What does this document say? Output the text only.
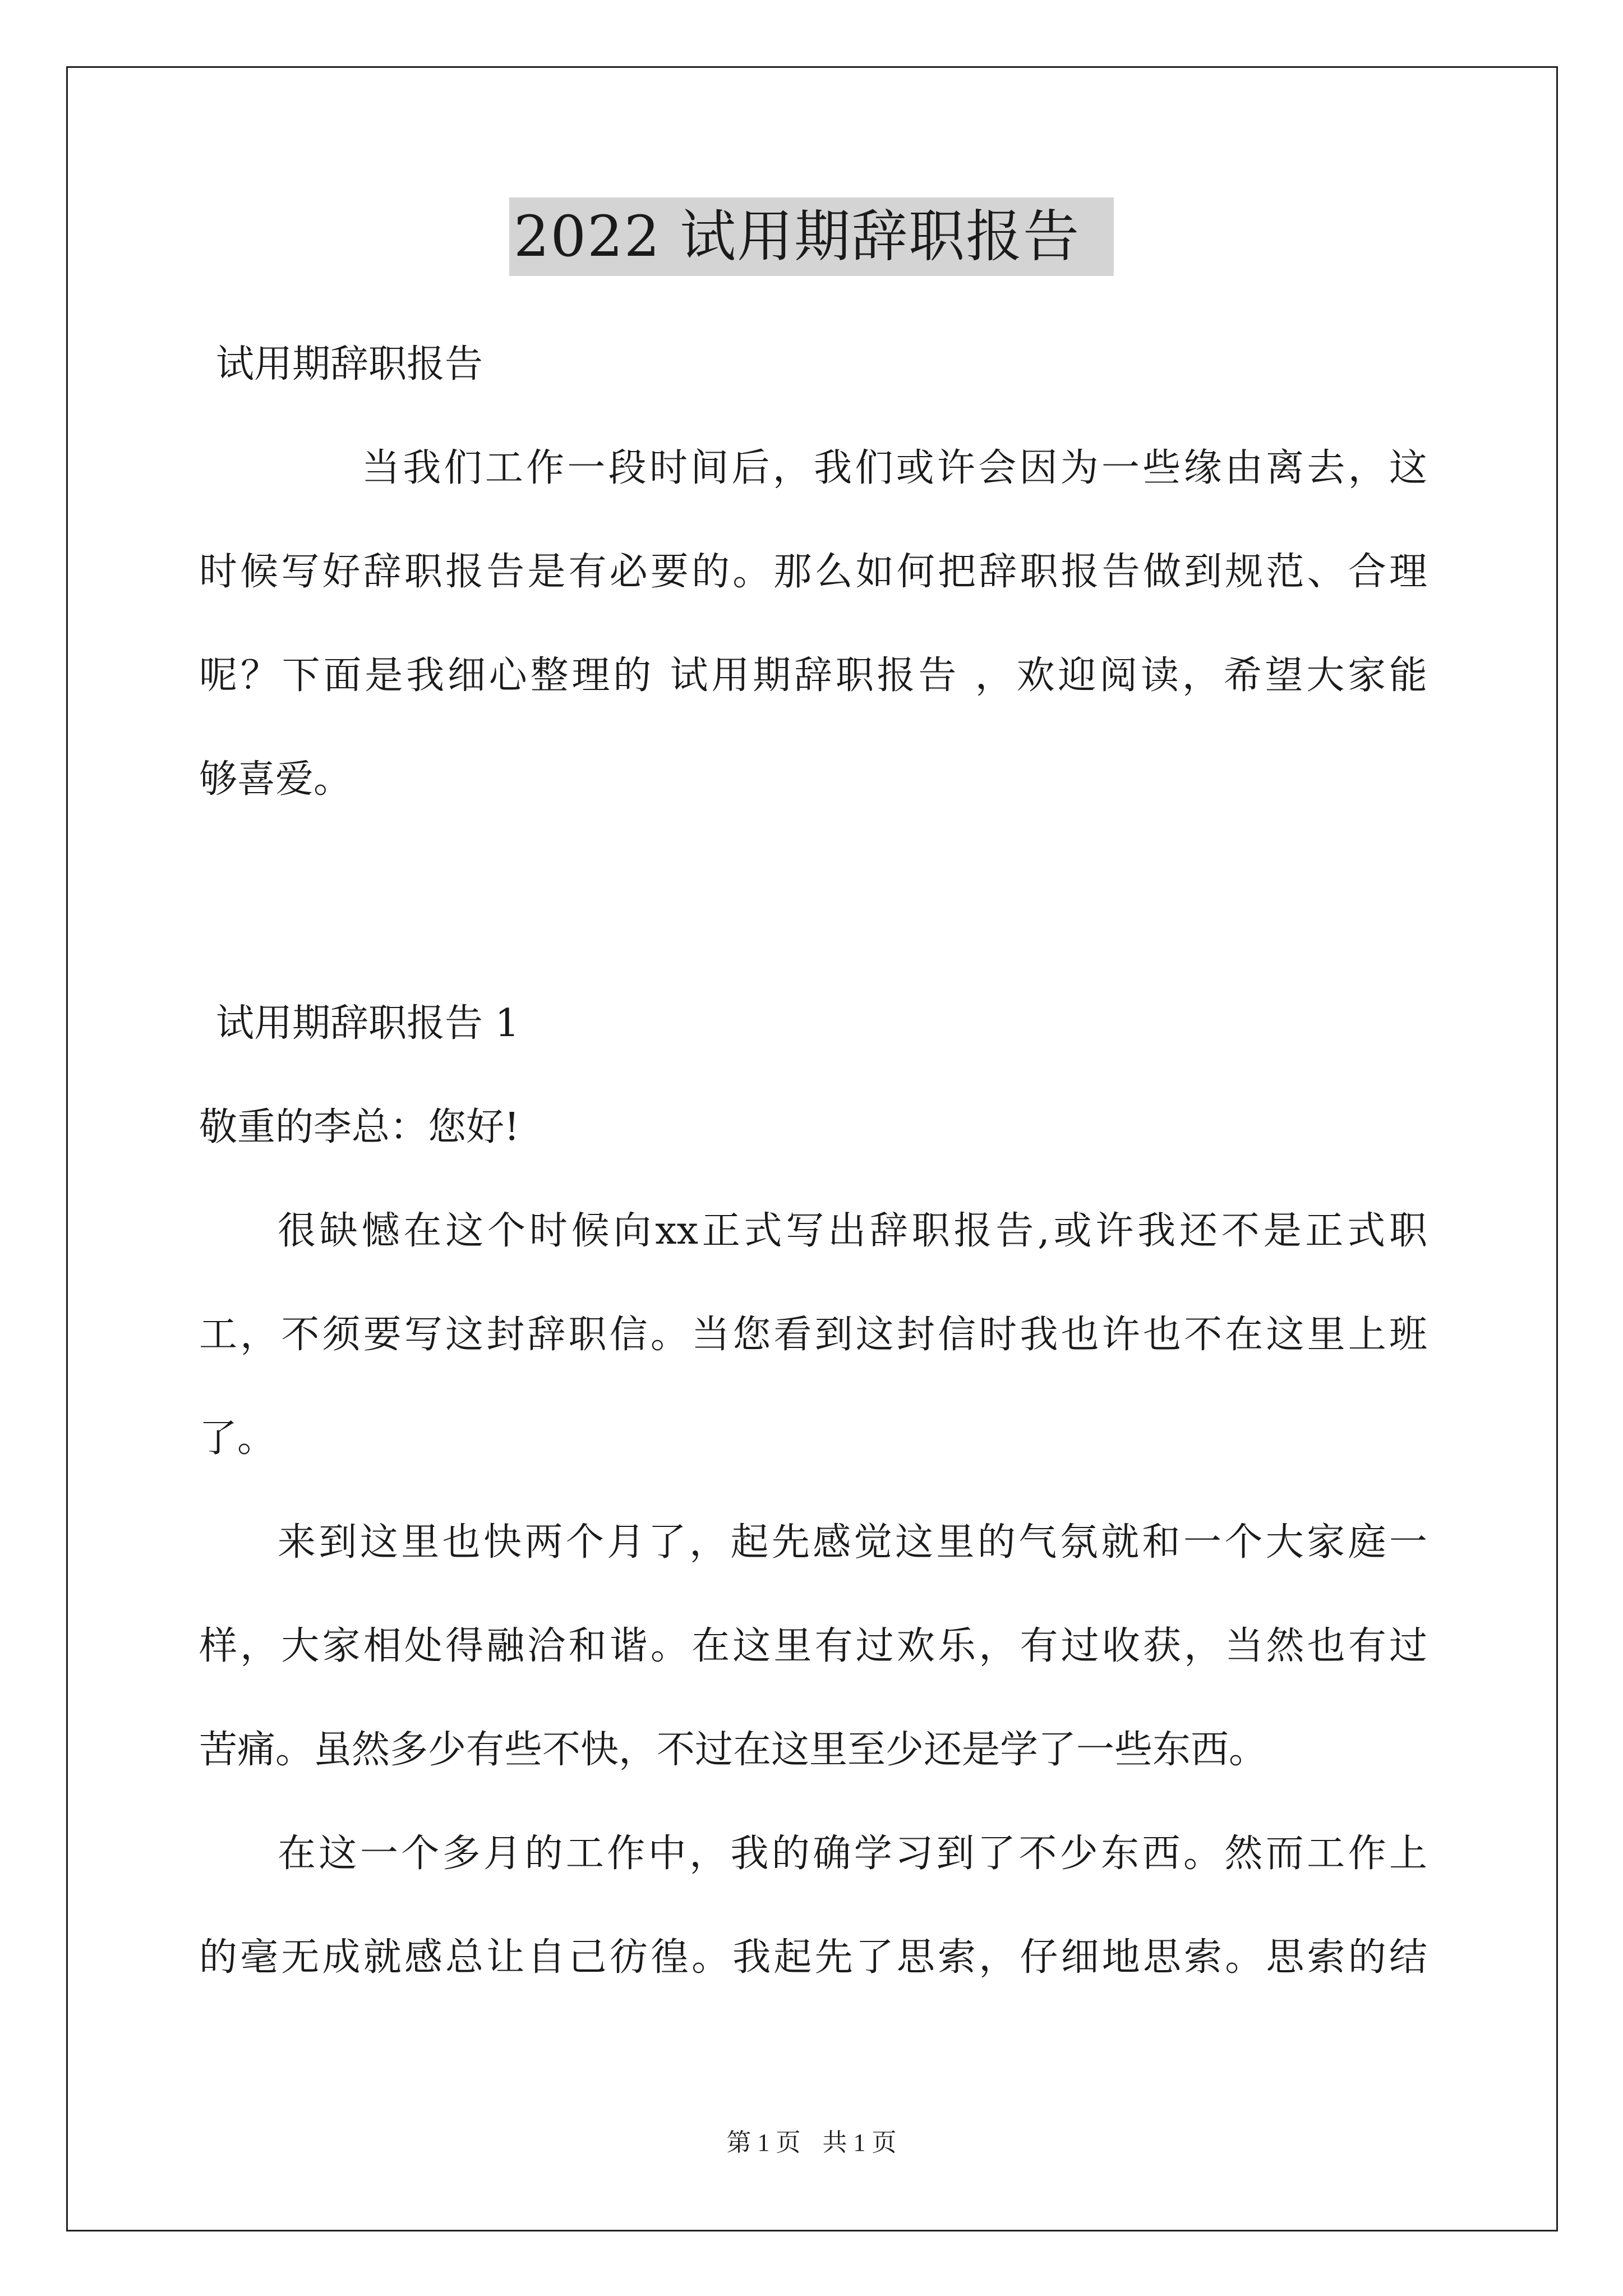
2022 试用期辞职报告
试用期辞职报告
当我们工作一段时间后，我们或许会因为一些缘由离去，这
时候写好辞职报告是有必要的。那么如何把辞职报告做到规范、合理
呢？下面是我细心整理的 试用期辞职报告 ，欢迎阅读，希望大家能
够喜爱。
试用期辞职报告 1
敬重的李总：您好!
很缺憾在这个时候向xx正式写出辞职报告,或许我还不是正式职
工，不须要写这封辞职信。当您看到这封信时我也许也不在这里上班
了。
来到这里也快两个月了，起先感觉这里的气氛就和一个大家庭一
样，大家相处得融洽和谐。在这里有过欢乐，有过收获，当然也有过
苦痛。虽然多少有些不快，不过在这里至少还是学了一些东西。
在这一个多月的工作中，我的确学习到了不少东西。然而工作上
的毫无成就感总让自己彷徨。我起先了思索，仔细地思索。思索的结
第 1 页 共 1 页
